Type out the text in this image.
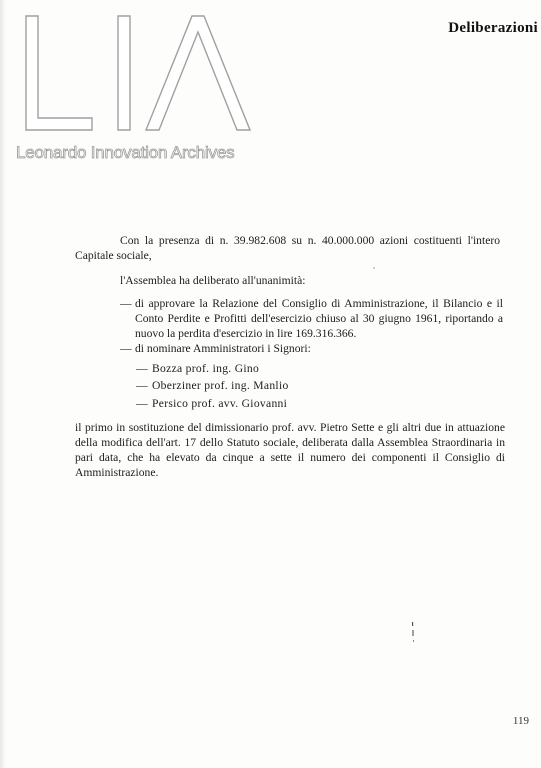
Leonardo Innovation Archives
Deliberazioni
Con la presenza di n. 39.982.608 su n. 40.000.000 azioni costituenti l'intero Capitale sociale,
l'Assemblea ha deliberato all'unanimità:
— di approvare la Relazione del Consiglio di Amministrazione, il Bilancio e il Conto Perdite e Profitti dell'esercizio chiuso al 30 giugno 1961, riportando a nuovo la perdita d'esercizio in lire 169.316.366.
— di nominare Amministratori i Signori:
— Bozza prof. ing. Gino
— Oberziner prof. ing. Manlio
— Persico prof. avv. Giovanni
il primo in sostituzione del dimissionario prof. avv. Pietro Sette e gli altri due in attuazione della modifica dell'art. 17 dello Statuto sociale, deliberata dalla Assemblea Straordinaria in pari data, che ha elevato da cinque a sette il numero dei componenti il Consiglio di Amministrazione.
119
